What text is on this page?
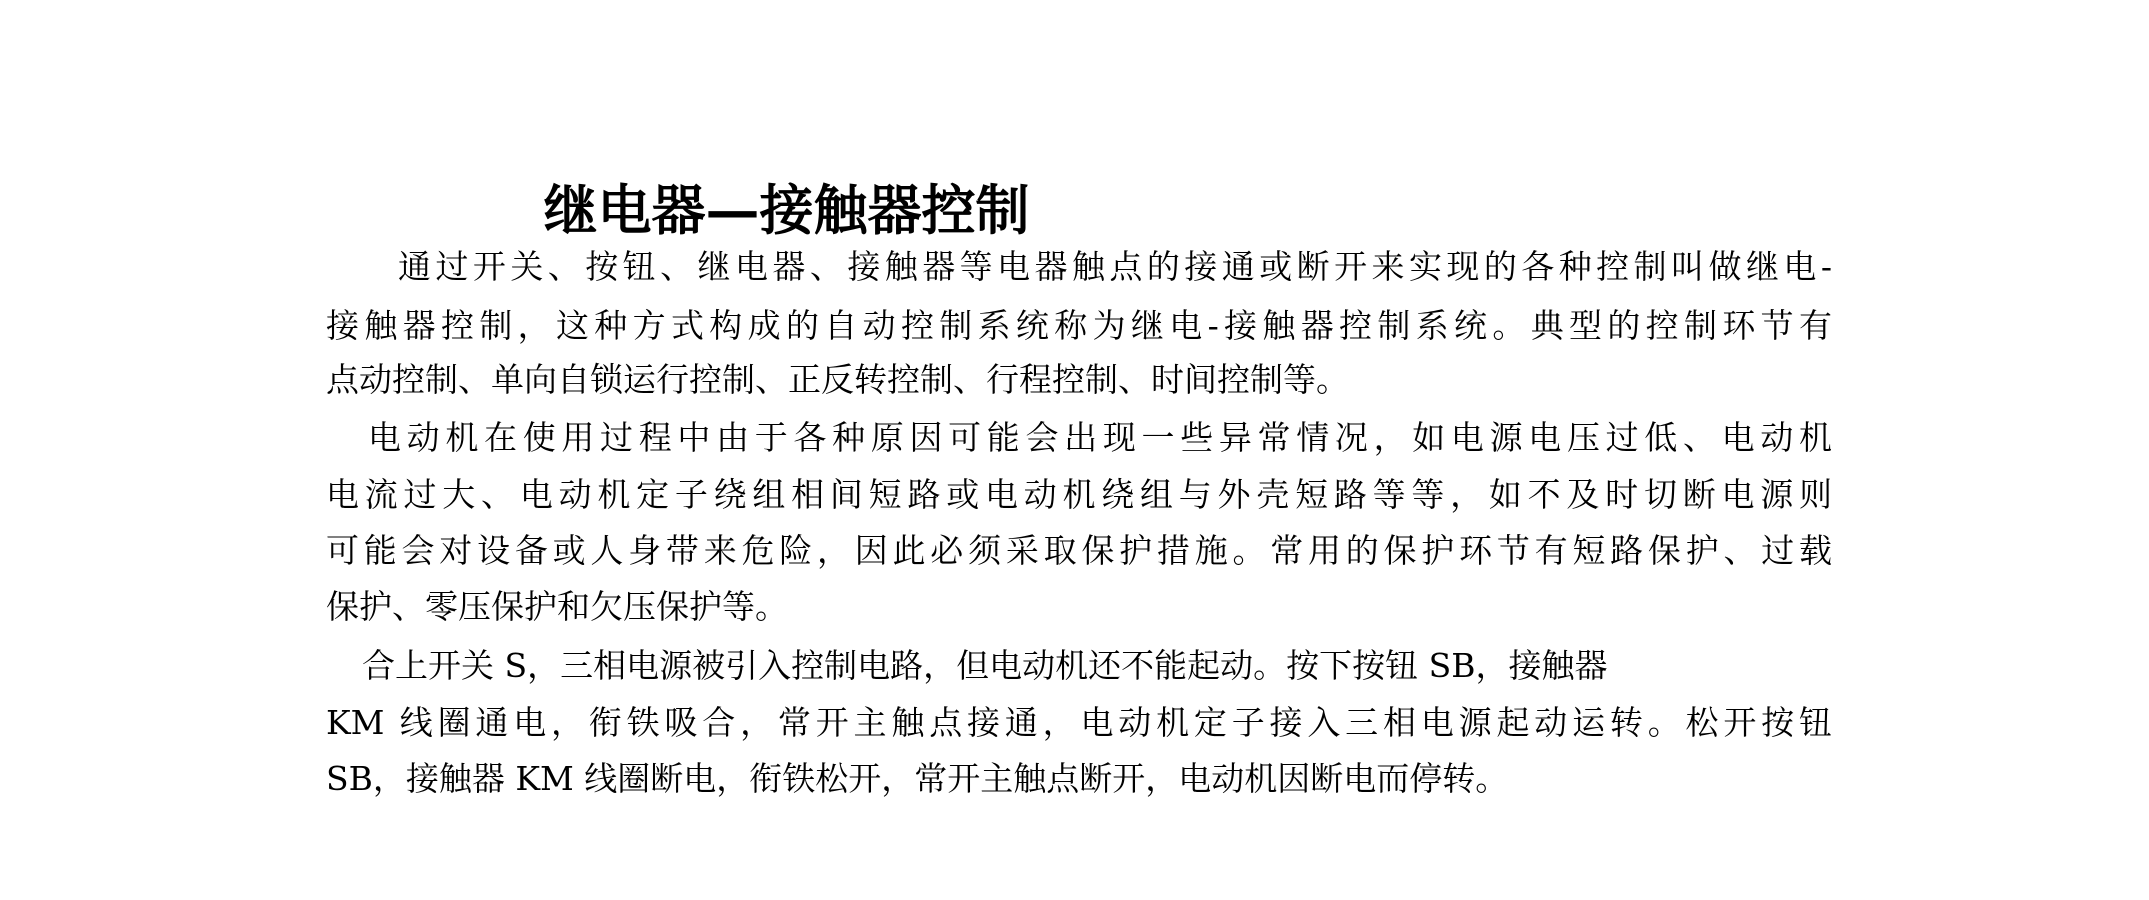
继电器—接触器控制
通过开关、按钮、继电器、接触器等电器触点的接通或断开来实现的各种控制叫做继电-
接触器控制，这种方式构成的自动控制系统称为继电-接触器控制系统。典型的控制环节有
点动控制、单向自锁运行控制、正反转控制、行程控制、时间控制等。
电动机在使用过程中由于各种原因可能会出现一些异常情况，如电源电压过低、电动机
电流过大、电动机定子绕组相间短路或电动机绕组与外壳短路等等，如不及时切断电源则
可能会对设备或人身带来危险，因此必须采取保护措施。常用的保护环节有短路保护、过载
保护、零压保护和欠压保护等。
合上开关 S，三相电源被引入控制电路，但电动机还不能起动。按下按钮 SB，接触器
KM 线圈通电，衔铁吸合，常开主触点接通，电动机定子接入三相电源起动运转。松开按钮
SB，接触器 KM 线圈断电，衔铁松开，常开主触点断开，电动机因断电而停转。
